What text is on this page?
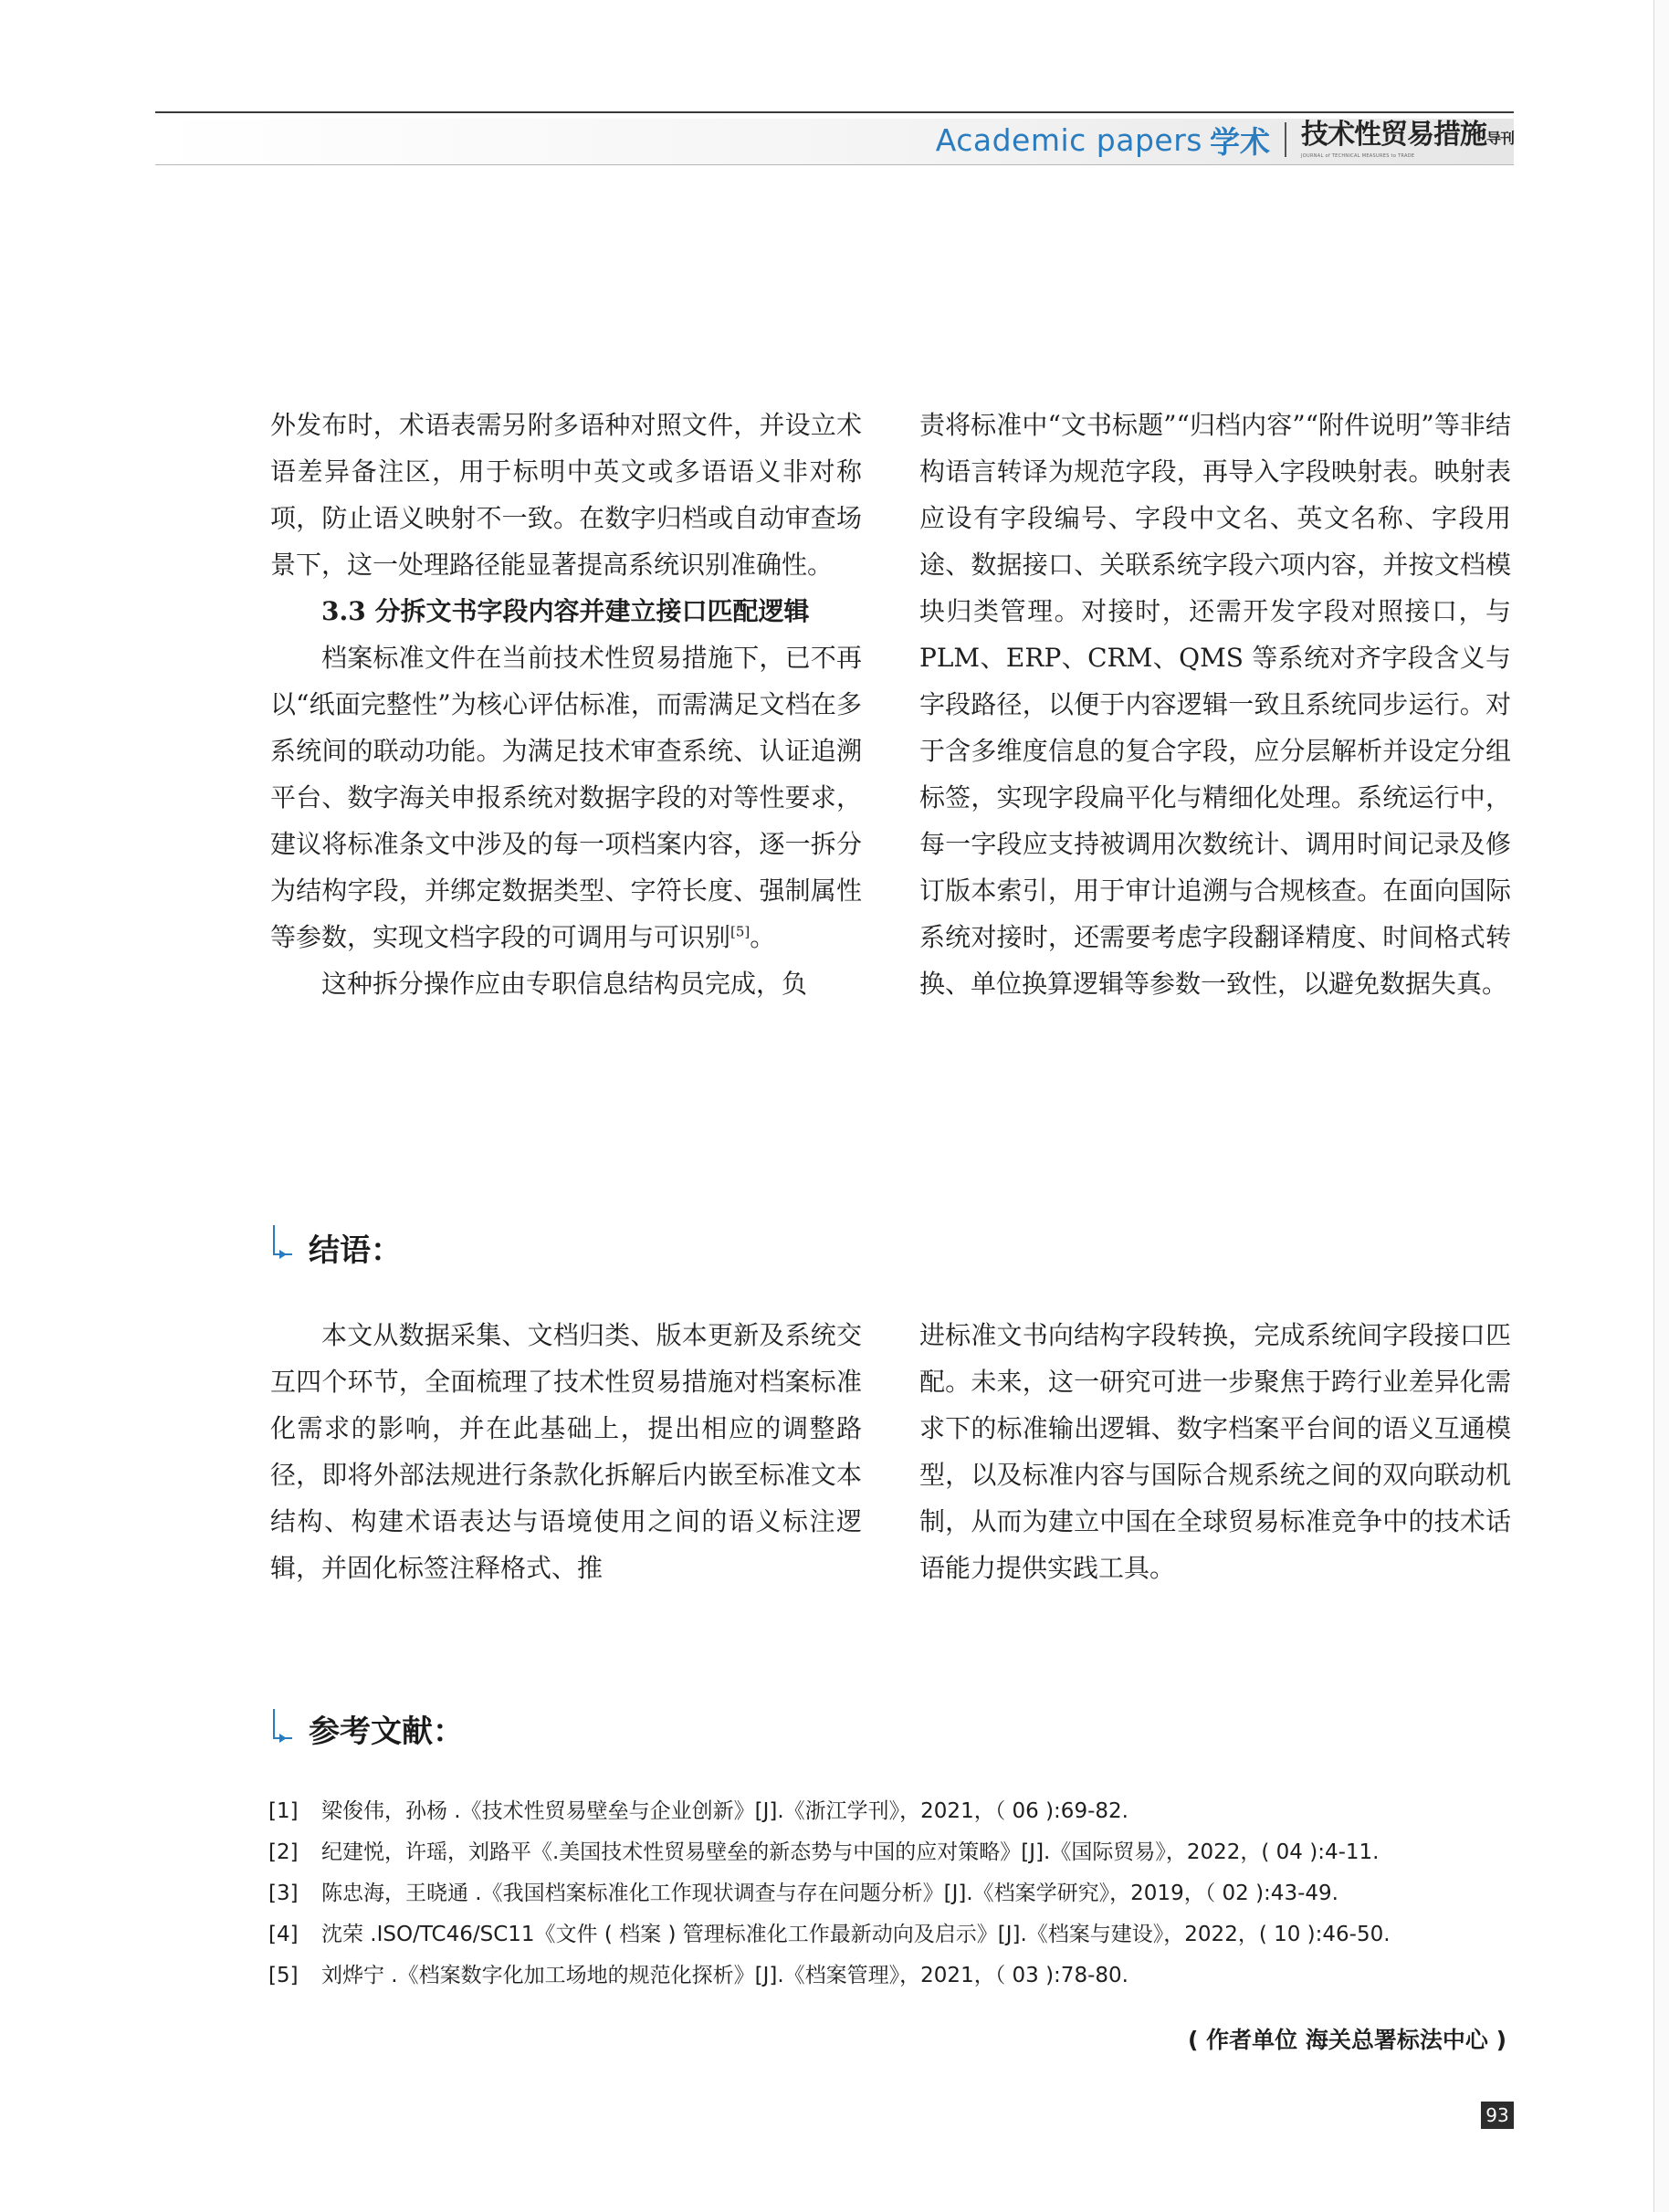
Academic papers 学术 技术性贸易措施导刊
JOURNAL of TECHNICAL MEASURES to TRADE

外发布时，术语表需另附多语种对照文件，并设立术语差异备注区，用于标明中英文或多语语义非对称项，防止语义映射不一致。在数字归档或自动审查场景下，这一处理路径能显著提高系统识别准确性。

3.3 分拆文书字段内容并建立接口匹配逻辑

档案标准文件在当前技术性贸易措施下，已不再以“纸面完整性”为核心评估标准，而需满足文档在多系统间的联动功能。为满足技术审查系统、认证追溯平台、数字海关申报系统对数据字段的对等性要求，建议将标准条文中涉及的每一项档案内容，逐一拆分为结构字段，并绑定数据类型、字符长度、强制属性等参数，实现文档字段的可调用与可识别[5]。

这种拆分操作应由专职信息结构员完成，负

责将标准中“文书标题”“归档内容”“附件说明”等非结构语言转译为规范字段，再导入字段映射表。映射表应设有字段编号、字段中文名、英文名称、字段用途、数据接口、关联系统字段六项内容，并按文档模块归类管理。对接时，还需开发字段对照接口，与 PLM、ERP、CRM、QMS 等系统对齐字段含义与字段路径，以便于内容逻辑一致且系统同步运行。对于含多维度信息的复合字段，应分层解析并设定分组标签，实现字段扁平化与精细化处理。系统运行中，每一字段应支持被调用次数统计、调用时间记录及修订版本索引，用于审计追溯与合规核查。在面向国际系统对接时，还需要考虑字段翻译精度、时间格式转换、单位换算逻辑等参数一致性，以避免数据失真。

结语：

本文从数据采集、文档归类、版本更新及系统交互四个环节，全面梳理了技术性贸易措施对档案标准化需求的影响，并在此基础上，提出相应的调整路径，即将外部法规进行条款化拆解后内嵌至标准文本结构、构建术语表达与语境使用之间的语义标注逻辑，并固化标签注释格式、推

进标准文书向结构字段转换，完成系统间字段接口匹配。未来，这一研究可进一步聚焦于跨行业差异化需求下的标准输出逻辑、数字档案平台间的语义互通模型，以及标准内容与国际合规系统之间的双向联动机制，从而为建立中国在全球贸易标准竞争中的技术话语能力提供实践工具。

参考文献：
[1]	梁俊伟，孙杨 .《技术性贸易壁垒与企业创新》[J].《浙江学刊》，2021，（ 06 ):69-82.
[2]	纪建悦，许瑶，刘路平《.美国技术性贸易壁垒的新态势与中国的应对策略》[J].《国际贸易》，2022，( 04 ):4-11.
[3]	陈忠海，王晓通 .《我国档案标准化工作现状调查与存在问题分析》[J].《档案学研究》，2019，（ 02 ):43-49.
[4]	沈荣 .ISO/TC46/SC11《文件 ( 档案 ) 管理标准化工作最新动向及启示》[J].《档案与建设》，2022，( 10 ):46-50.
[5]	刘烨宁 .《档案数字化加工场地的规范化探析》[J].《档案管理》，2021，（ 03 ):78-80.
( 作者单位 海关总署标法中心 )
93
